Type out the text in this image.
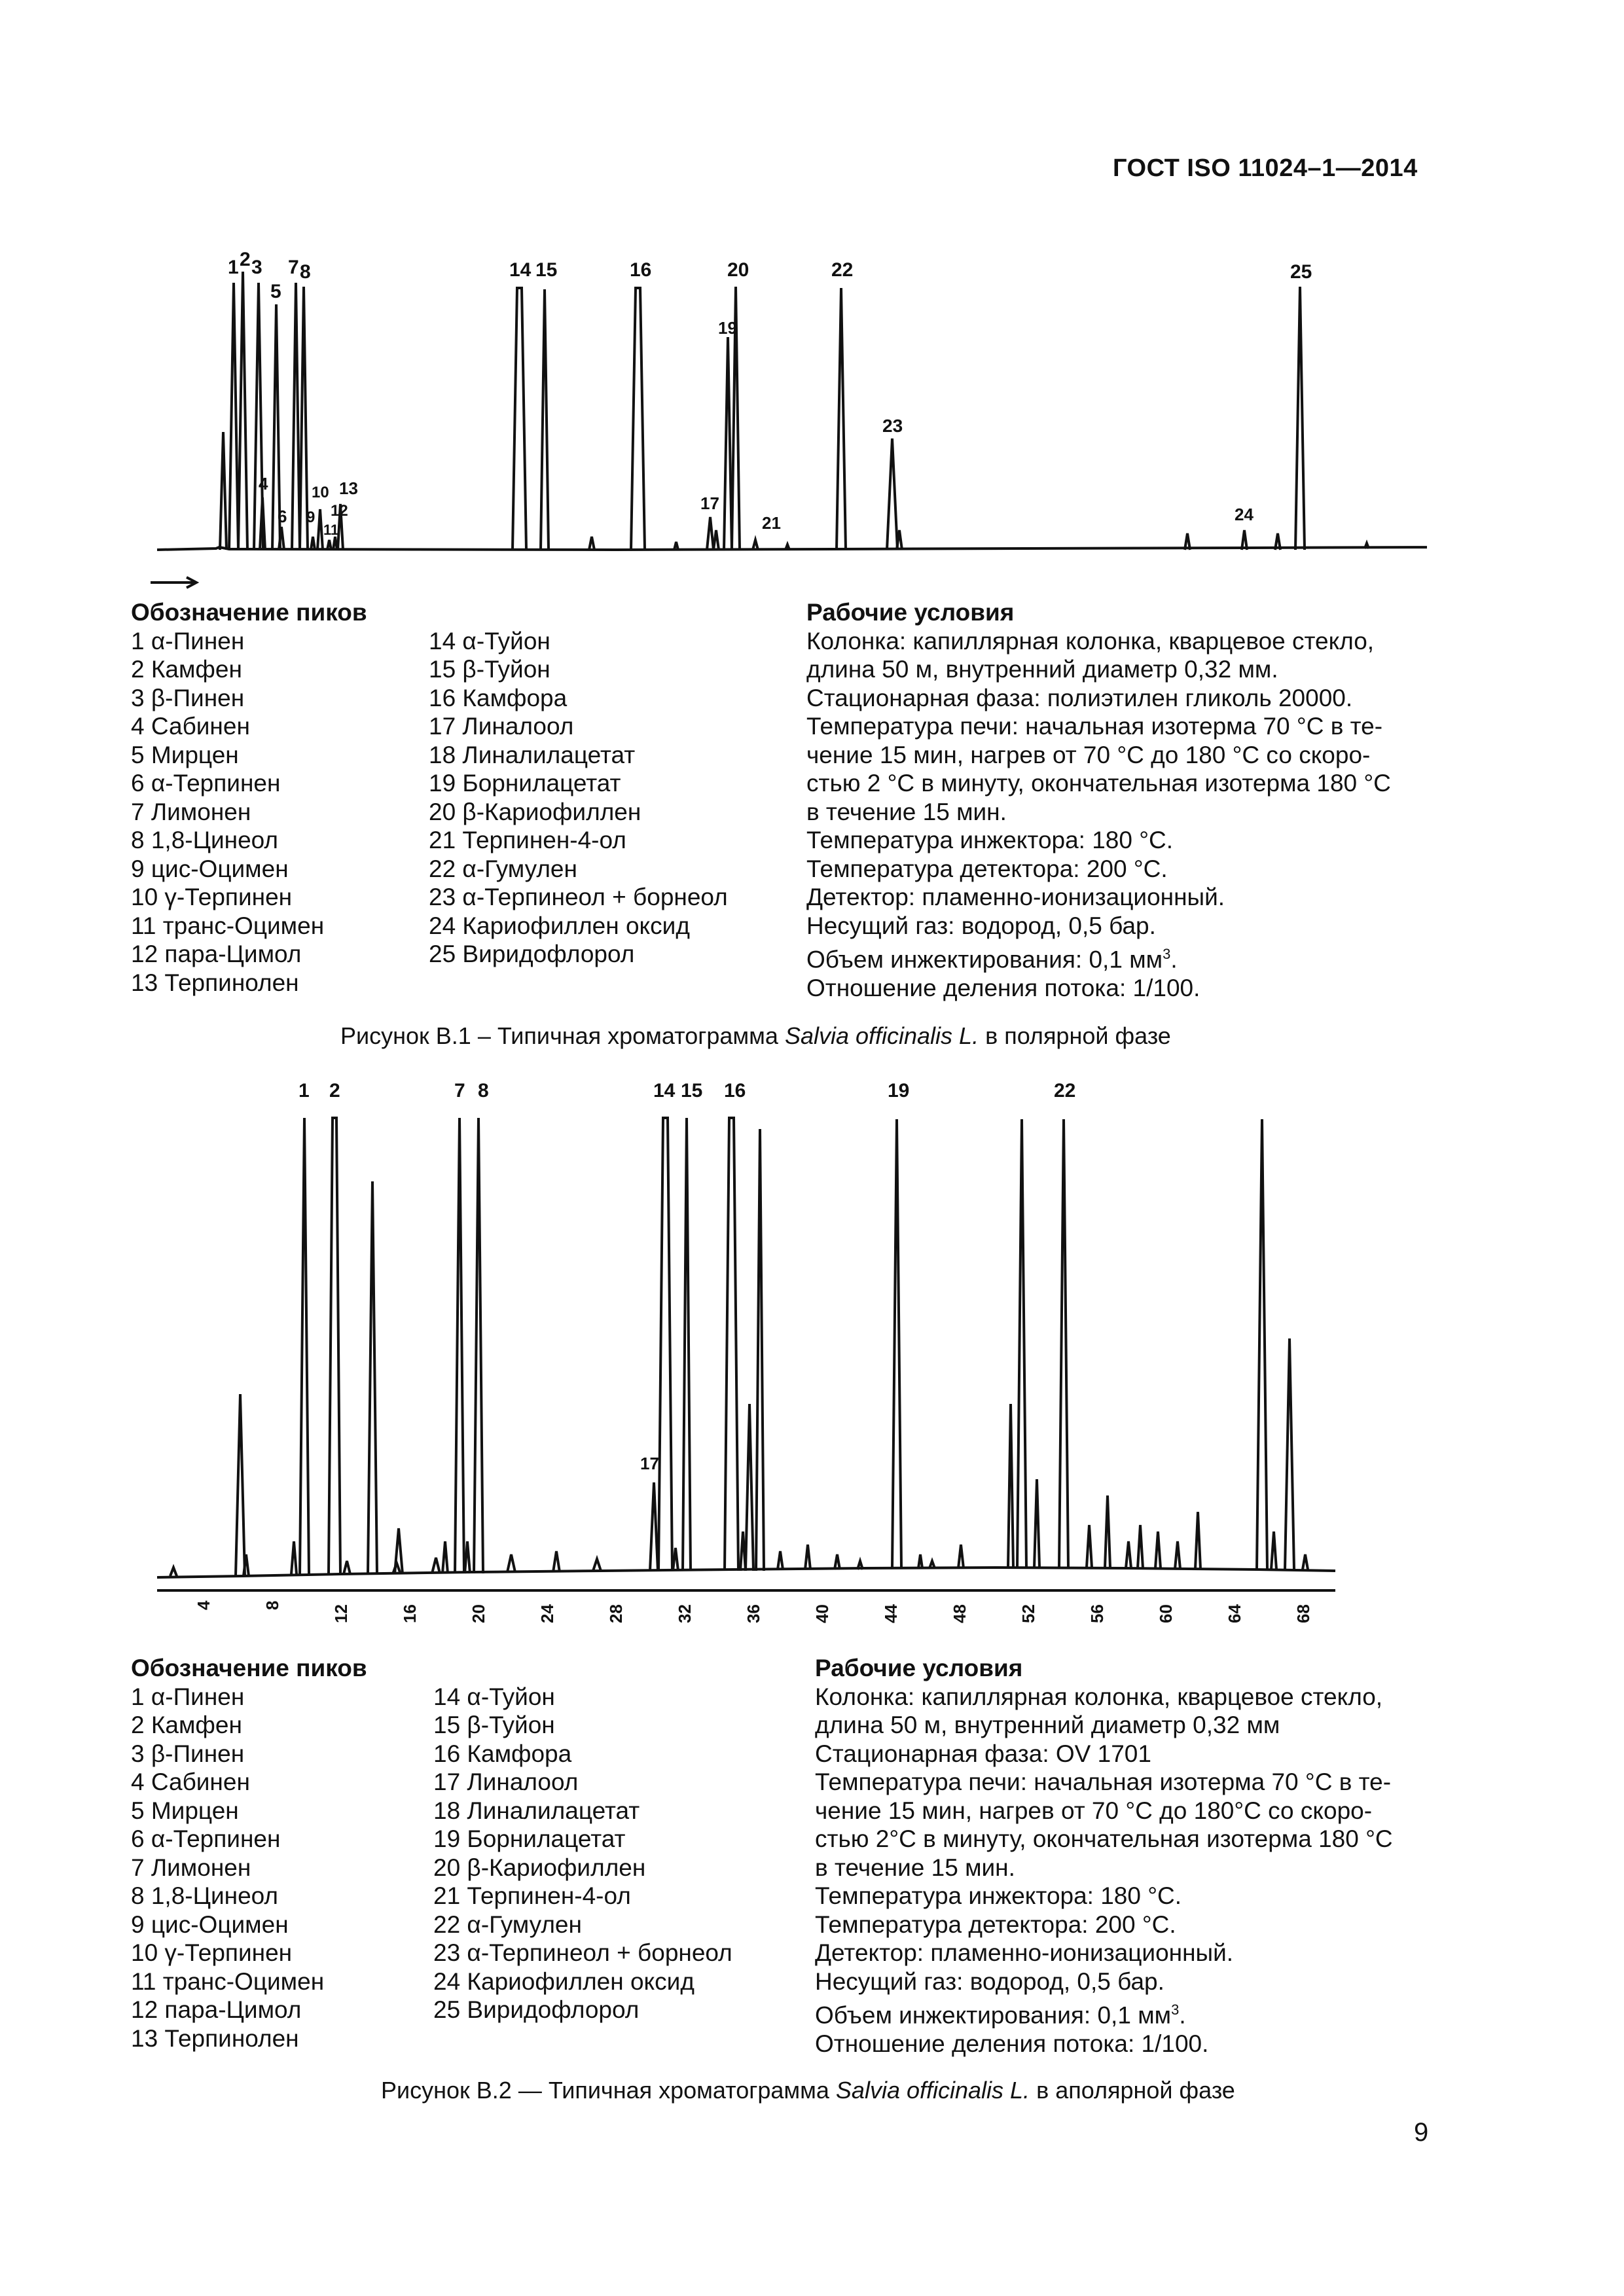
ГОСТ ISO 11024–1—2014
1 2 3
5
7 8
4
6 9
10
11
12
13
14 15	16
17
19
20
21
22
23
24
25
Обозначение пиков
1 α-Пинен
2 Камфен
3 β-Пинен
4 Сабинен
5 Мирцен
6 α-Терпинен
7 Лимонен
8 1,8-Цинеол
9 цис-Оцимен
10 γ-Терпинен
11 транс-Оцимен
12 пара-Цимол
13 Терпинолен
14 α-Туйон
15 β-Туйон
16 Камфора
17 Линалоол
18 Линалилацетат
19 Борнилацетат
20 β-Кариофиллен
21 Терпинен-4-ол
22 α-Гумулен
23 α-Терпинеол + борнеол
24 Кариофиллен оксид
25 Виридофлорол
Рабочие условия
Колонка: капиллярная колонка, кварцевое стекло,
длина 50 м, внутренний диаметр 0,32 мм.
Стационарная фаза: полиэтилен гликоль 20000.
Температура печи: начальная изотерма 70 °С в те-
чение 15 мин, нагрев от 70 °С до 180 °С со скоро-
стью 2 °С в минуту, окончательная изотерма 180 °С
в течение 15 мин.
Температура инжектора: 180 °С.
Температура детектора: 200 °С.
Детектор: пламенно-ионизационный.
Несущий газ: водород, 0,5 бар.
Объем инжектирования: 0,1 $мм^3$.
Отношение деления потока: 1/100.
Рисунок В.1 – Типичная хроматограмма Salvia officinalis L. в полярной фазе
1 2	7 8	14 15 16	19	22
17
4	8	12	16	20	24	28	32	36	40	44	48	52	56	60	64	68
Обозначение пиков
1 α-Пинен
2 Камфен
3 β-Пинен
4 Сабинен
5 Мирцен
6 α-Терпинен
7 Лимонен
8 1,8-Цинеол
9 цис-Оцимен
10 γ-Терпинен
11 транс-Оцимен
12 пара-Цимол
13 Терпинолен
14 α-Туйон
15 β-Туйон
16 Камфора
17 Линалоол
18 Линалилацетат
19 Борнилацетат
20 β-Кариофиллен
21 Терпинен-4-ол
22 α-Гумулен
23 α-Терпинеол + борнеол
24 Кариофиллен оксид
25 Виридофлорол
Рабочие условия
Колонка: капиллярная колонка, кварцевое стекло,
длина 50 м, внутренний диаметр 0,32 мм
Стационарная фаза: OV 1701
Температура печи: начальная изотерма 70 °С в те-
чение 15 мин, нагрев от 70 °С до 180°С со скоро-
стью 2°С в минуту, окончательная изотерма 180 °С
в течение 15 мин.
Температура инжектора: 180 °С.
Температура детектора: 200 °С.
Детектор: пламенно-ионизационный.
Несущий газ: водород, 0,5 бар.
Объем инжектирования: 0,1 $мм^3$.
Отношение деления потока: 1/100.
Рисунок В.2 — Типичная хроматограмма Salvia officinalis L. в аполярной фазе
9
